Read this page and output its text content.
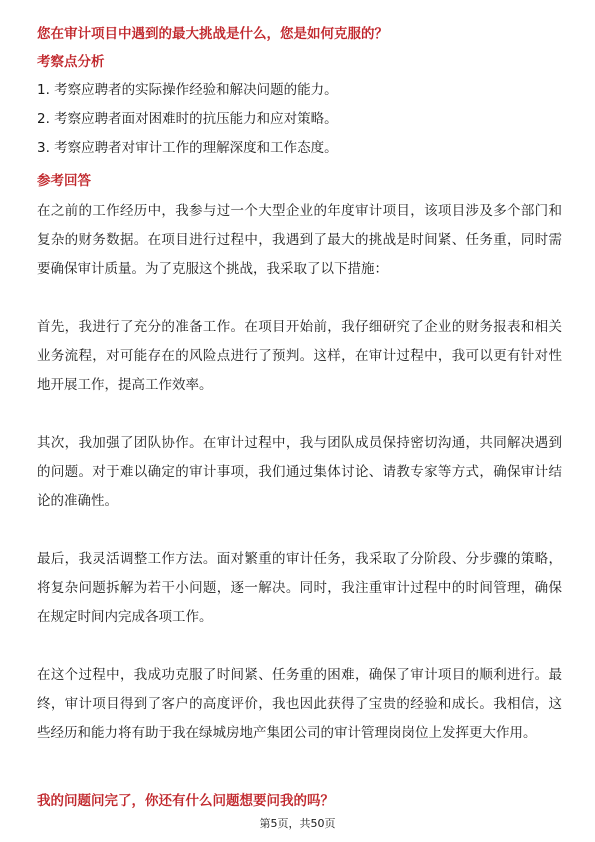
您在审计项目中遇到的最大挑战是什么，您是如何克服的？
考察点分析
1. 考察应聘者的实际操作经验和解决问题的能力。
2. 考察应聘者面对困难时的抗压能力和应对策略。
3. 考察应聘者对审计工作的理解深度和工作态度。
参考回答

在之前的工作经历中，我参与过一个大型企业的年度审计项目，该项目涉及多个部门和复杂的财务数据。在项目进行过程中，我遇到了最大的挑战是时间紧、任务重，同时需要确保审计质量。为了克服这个挑战，我采取了以下措施：

首先，我进行了充分的准备工作。在项目开始前，我仔细研究了企业的财务报表和相关业务流程，对可能存在的风险点进行了预判。这样，在审计过程中，我可以更有针对性地开展工作，提高工作效率。

其次，我加强了团队协作。在审计过程中，我与团队成员保持密切沟通，共同解决遇到的问题。对于难以确定的审计事项，我们通过集体讨论、请教专家等方式，确保审计结论的准确性。

最后，我灵活调整工作方法。面对繁重的审计任务，我采取了分阶段、分步骤的策略，将复杂问题拆解为若干小问题，逐一解决。同时，我注重审计过程中的时间管理，确保在规定时间内完成各项工作。

在这个过程中，我成功克服了时间紧、任务重的困难，确保了审计项目的顺利进行。最终，审计项目得到了客户的高度评价，我也因此获得了宝贵的经验和成长。我相信，这些经历和能力将有助于我在绿城房地产集团公司的审计管理岗岗位上发挥更大作用。

我的问题问完了，你还有什么问题想要问我的吗？
第5页，共50页
